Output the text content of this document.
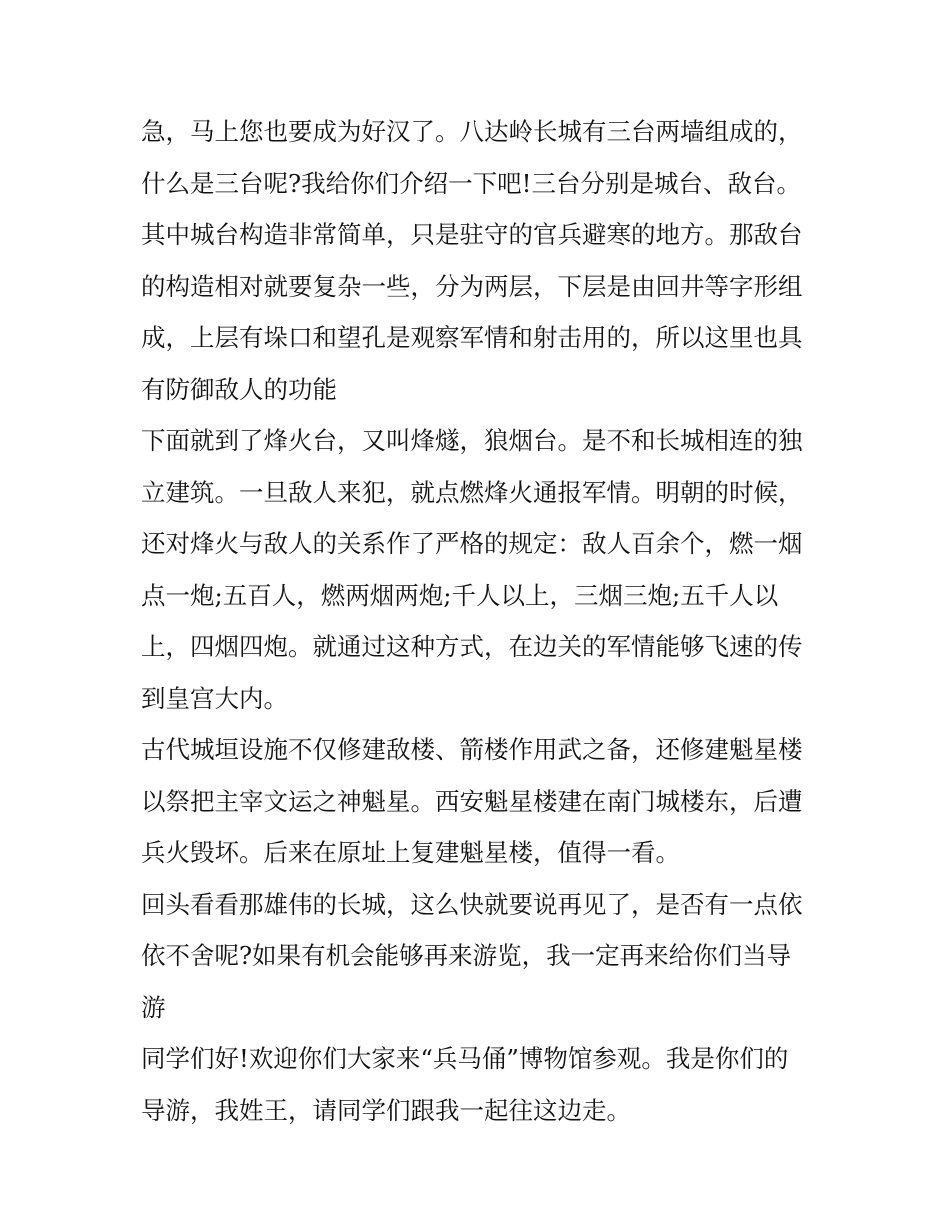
急，马上您也要成为好汉了。八达岭长城有三台两墙组成的，
什么是三台呢?我给你们介绍一下吧!三台分别是城台、敌台。
其中城台构造非常简单，只是驻守的官兵避寒的地方。那敌台
的构造相对就要复杂一些，分为两层，下层是由回井等字形组
成，上层有垛口和望孔是观察军情和射击用的，所以这里也具
有防御敌人的功能

下面就到了烽火台，又叫烽燧，狼烟台。是不和长城相连的独
立建筑。一旦敌人来犯，就点燃烽火通报军情。明朝的时候，
还对烽火与敌人的关系作了严格的规定：敌人百余个，燃一烟
点一炮;五百人，燃两烟两炮;千人以上，三烟三炮;五千人以
上，四烟四炮。就通过这种方式，在边关的军情能够飞速的传
到皇宫大内。

古代城垣设施不仅修建敌楼、箭楼作用武之备，还修建魁星楼
以祭把主宰文运之神魁星。西安魁星楼建在南门城楼东，后遭
兵火毁坏。后来在原址上复建魁星楼，值得一看。

回头看看那雄伟的长城，这么快就要说再见了，是否有一点依
依不舍呢?如果有机会能够再来游览，我一定再来给你们当导
游

同学们好!欢迎你们大家来“兵马俑”博物馆参观。我是你们的
导游，我姓王，请同学们跟我一起往这边走。
